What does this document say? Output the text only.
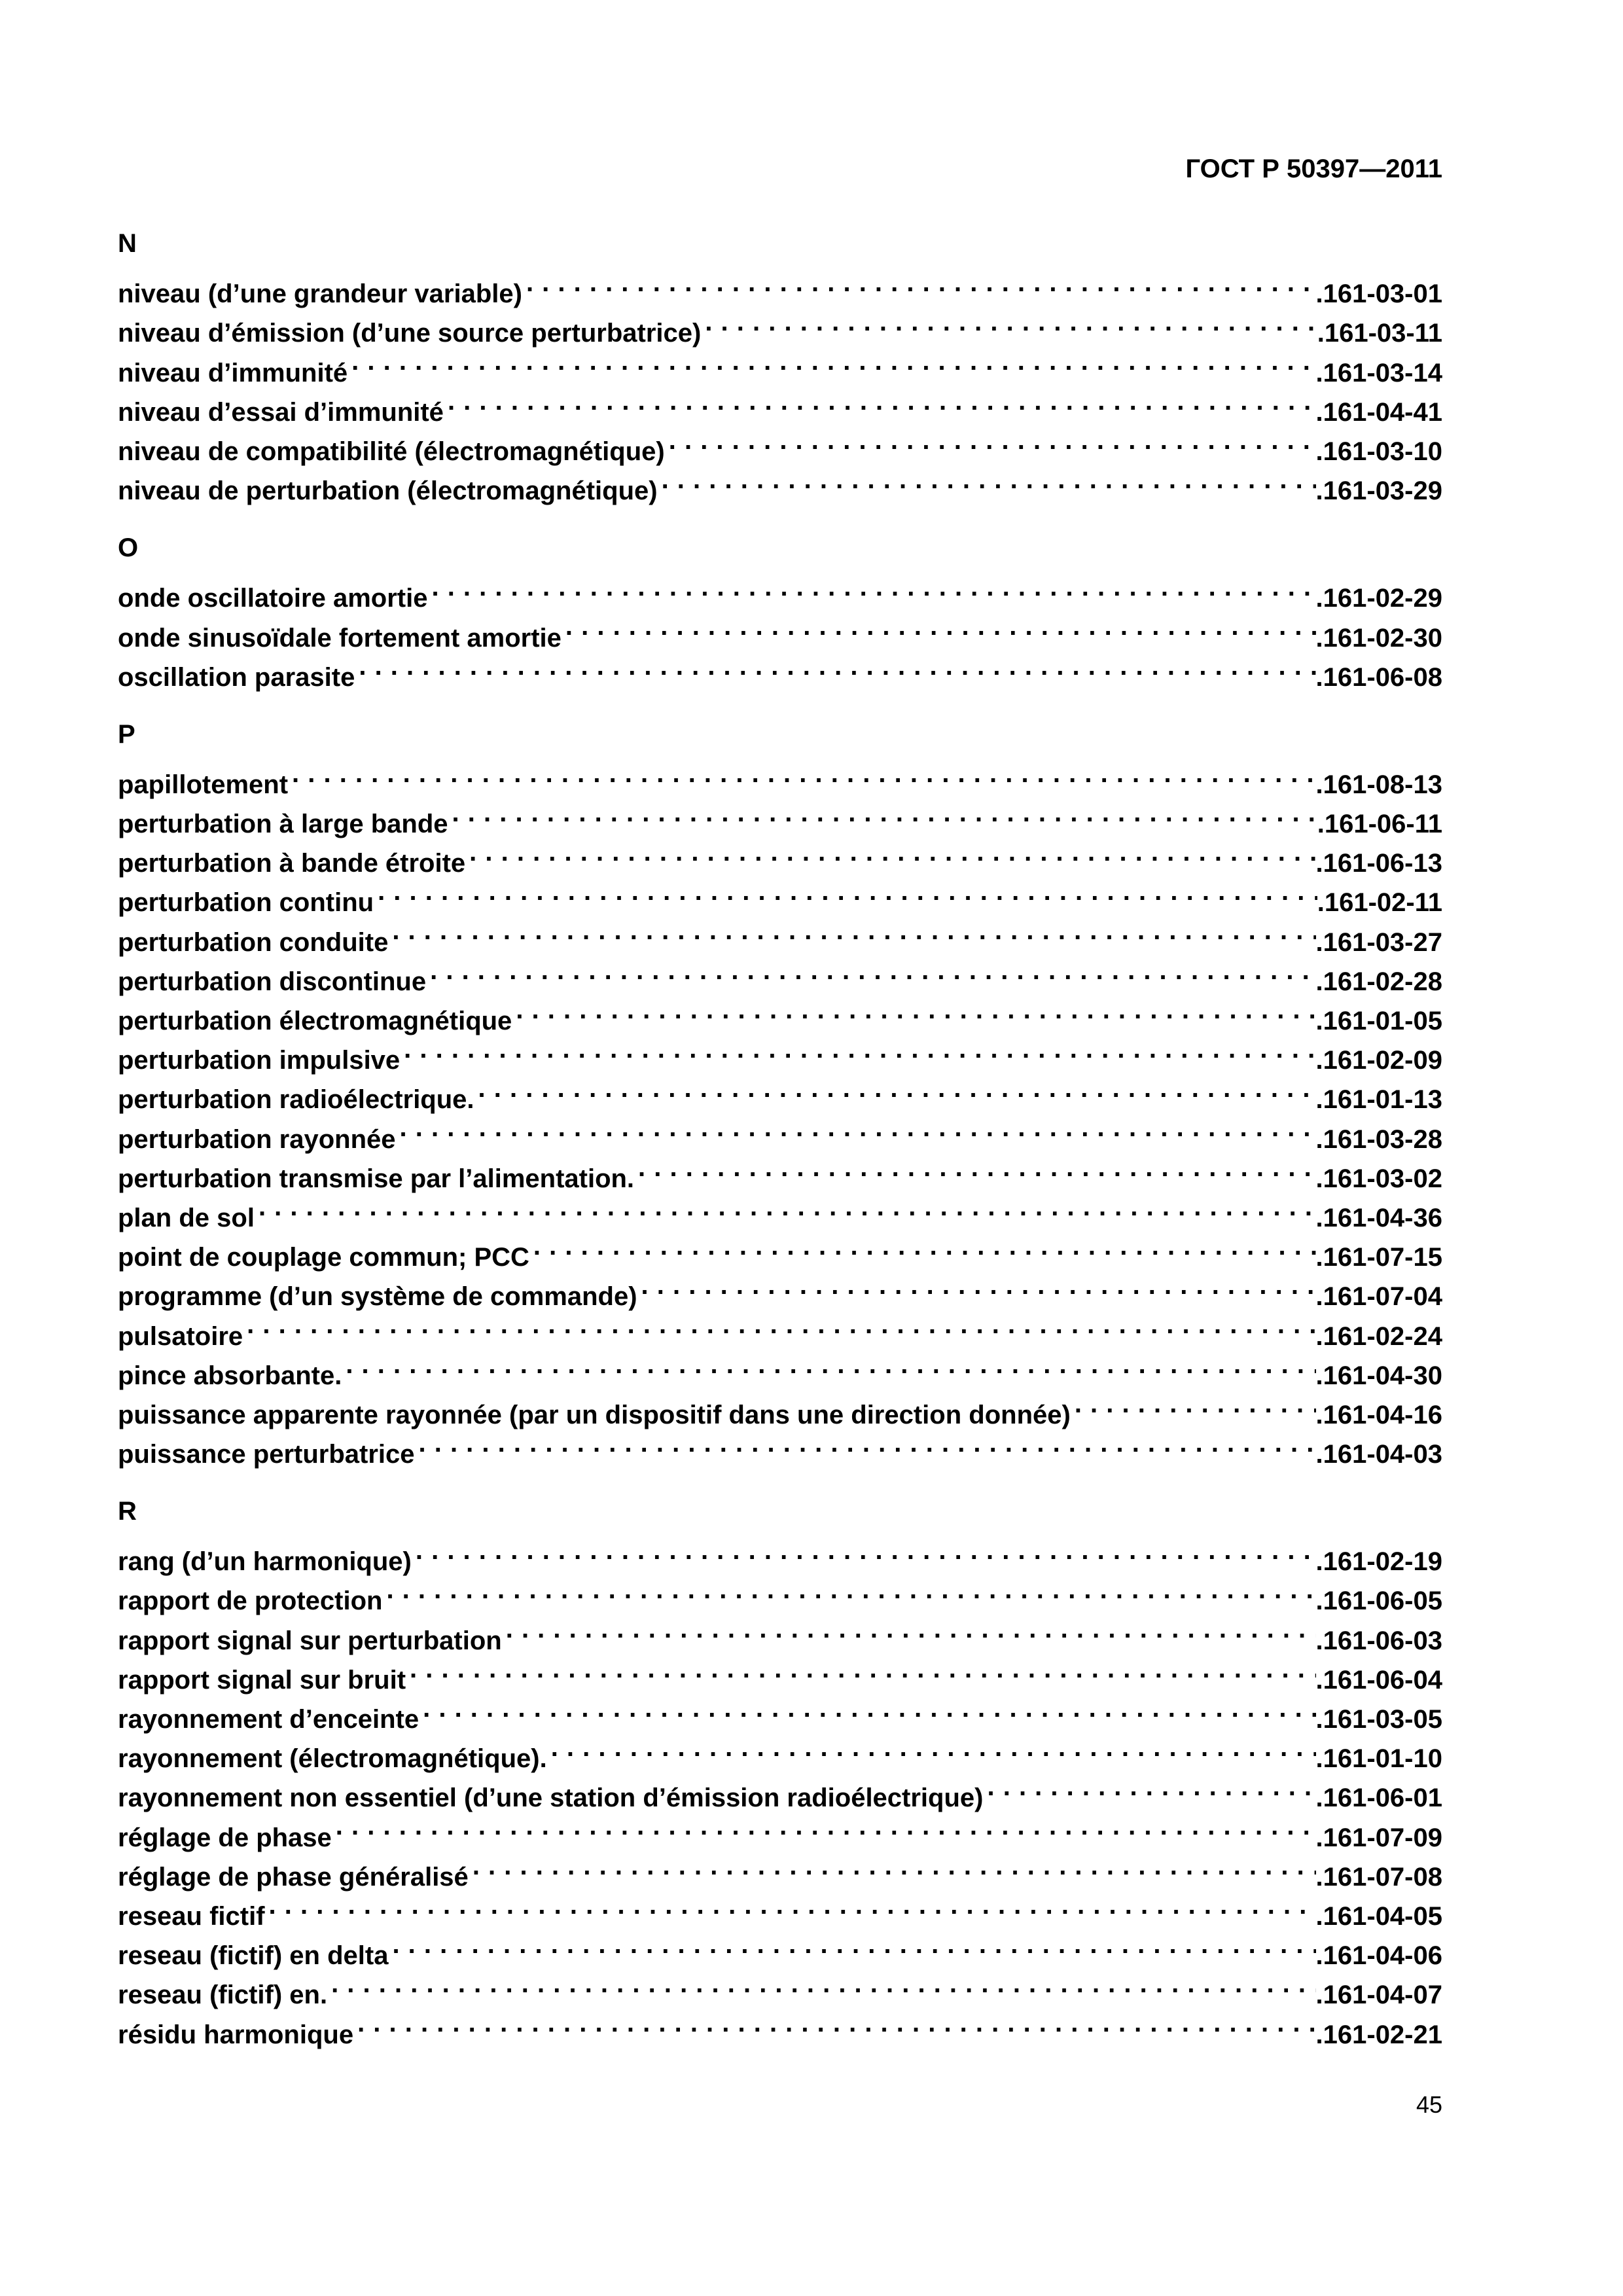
ГОСТ Р 50397—2011
N
niveau (d’une grandeur variable) . . .	.161-03-01
niveau d’émission (d’une source perturbatrice) . . .	.161-03-11
niveau d’immunité . . .	.161-03-14
niveau d’essai d’immunité . . .	.161-04-41
niveau de compatibilité (électromagnétique) . . .	.161-03-10
niveau de perturbation (électromagnétique) . . .	.161-03-29
O
onde oscillatoire amortie . . .	.161-02-29
onde sinusoïdale fortement amortie . . .	.161-02-30
oscillation parasite . . .	.161-06-08
P
papillotement . . .	.161-08-13
perturbation à large bande . . .	.161-06-11
perturbation à bande étroite . . .	.161-06-13
perturbation continu . . .	.161-02-11
perturbation conduite . . .	.161-03-27
perturbation discontinue . . .	.161-02-28
perturbation électromagnétique . . .	.161-01-05
perturbation impulsive . . .	.161-02-09
perturbation radioélectrique. . . .	.161-01-13
perturbation rayonnée . . .	.161-03-28
perturbation transmise par l’alimentation. . . .	.161-03-02
plan de sol . . .	.161-04-36
point de couplage commun; PCC . . .	.161-07-15
programme (d’un système de commande) . . .	.161-07-04
pulsatoire . . .	.161-02-24
pince absorbante. . . .	.161-04-30
puissance apparente rayonnée (par un dispositif dans une direction donnée) . . .	.161-04-16
puissance perturbatrice . . .	.161-04-03
R
rang (d’un harmonique) . . .	.161-02-19
rapport de protection . . .	.161-06-05
rapport signal sur perturbation . . .	.161-06-03
rapport signal sur bruit . . .	.161-06-04
rayonnement d’enceinte . . .	.161-03-05
rayonnement (électromagnétique). . . .	.161-01-10
rayonnement non essentiel (d’une station d’émission radioélectrique) . . .	.161-06-01
réglage de phase . . .	.161-07-09
réglage de phase généralisé . . .	.161-07-08
reseau fictif . . .	.161-04-05
reseau (fictif) en delta . . .	.161-04-06
reseau (fictif) en. . . .	.161-04-07
résidu harmonique . . .	.161-02-21
45
